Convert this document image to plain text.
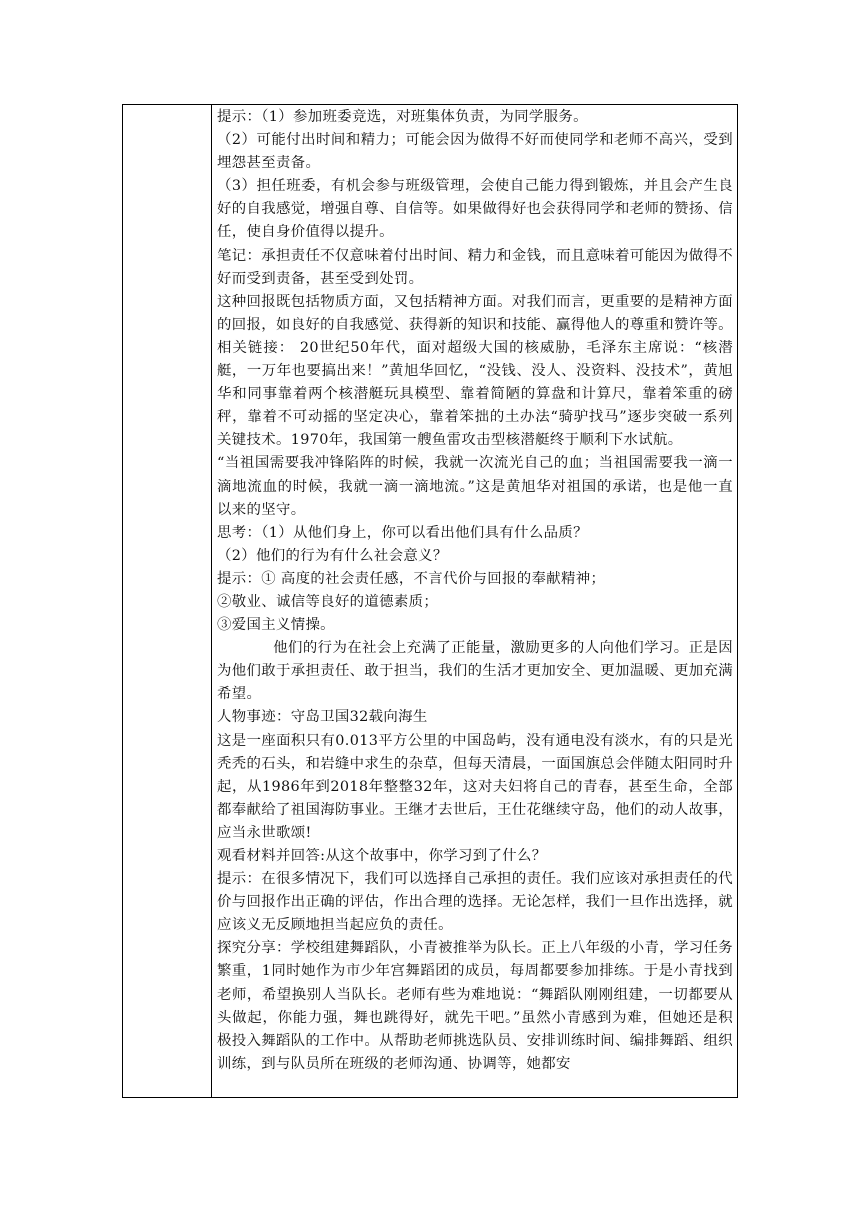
提示：（1）参加班委竞选，对班集体负责，为同学服务。

（2）可能付出时间和精力；可能会因为做得不好而使同学和老师不高兴，受到埋怨甚至责备。

（3）担任班委，有机会参与班级管理，会使自己能力得到锻炼，并且会产生良好的自我感觉，增强自尊、自信等。如果做得好也会获得同学和老师的赞扬、信任，使自身价值得以提升。

笔记：承担责任不仅意味着付出时间、精力和金钱，而且意味着可能因为做得不好而受到责备，甚至受到处罚。

这种回报既包括物质方面，又包括精神方面。对我们而言，更重要的是精神方面的回报，如良好的自我感觉、获得新的知识和技能、赢得他人的尊重和赞许等。

相关链接： 20世纪50年代，面对超级大国的核威胁，毛泽东主席说：“核潜艇，一万年也要搞出来！”黄旭华回忆，“没钱、没人、没资料、没技术”，黄旭华和同事靠着两个核潜艇玩具模型、靠着简陋的算盘和计算尺，靠着笨重的磅秤，靠着不可动摇的坚定决心，靠着笨拙的土办法“骑驴找马”逐步突破一系列关键技术。1970年，我国第一艘鱼雷攻击型核潜艇终于顺利下水试航。

“当祖国需要我冲锋陷阵的时候，我就一次流光自己的血；当祖国需要我一滴一滴地流血的时候，我就一滴一滴地流。”这是黄旭华对祖国的承诺，也是他一直以来的坚守。

思考：（1）从他们身上，你可以看出他们具有什么品质？

（2）他们的行为有什么社会意义？

提示：① 高度的社会责任感，不言代价与回报的奉献精神；

②敬业、诚信等良好的道德素质；

③爱国主义情操。

他们的行为在社会上充满了正能量，激励更多的人向他们学习。正是因为他们敢于承担责任、敢于担当，我们的生活才更加安全、更加温暖、更加充满希望。

人物事迹：守岛卫国32载向海生

这是一座面积只有0.013平方公里的中国岛屿，没有通电没有淡水，有的只是光秃秃的石头，和岩缝中求生的杂草，但每天清晨，一面国旗总会伴随太阳同时升起，从1986年到2018年整整32年，这对夫妇将自己的青春，甚至生命，全部都奉献给了祖国海防事业。王继才去世后，王仕花继续守岛，他们的动人故事，应当永世歌颂!

观看材料并回答:从这个故事中，你学习到了什么？

提示：在很多情况下，我们可以选择自己承担的责任。我们应该对承担责任的代价与回报作出正确的评估，作出合理的选择。无论怎样，我们一旦作出选择，就应该义无反顾地担当起应负的责任。

探究分享：学校组建舞蹈队，小青被推举为队长。正上八年级的小青，学习任务繁重，1同时她作为市少年宫舞蹈团的成员，每周都要参加排练。于是小青找到老师，希望换别人当队长。老师有些为难地说：“舞蹈队刚刚组建，一切都要从头做起，你能力强，舞也跳得好，就先干吧。”虽然小青感到为难，但她还是积极投入舞蹈队的工作中。从帮助老师挑选队员、安排训练时间、编排舞蹈、组织训练，到与队员所在班级的老师沟通、协调等，她都安
